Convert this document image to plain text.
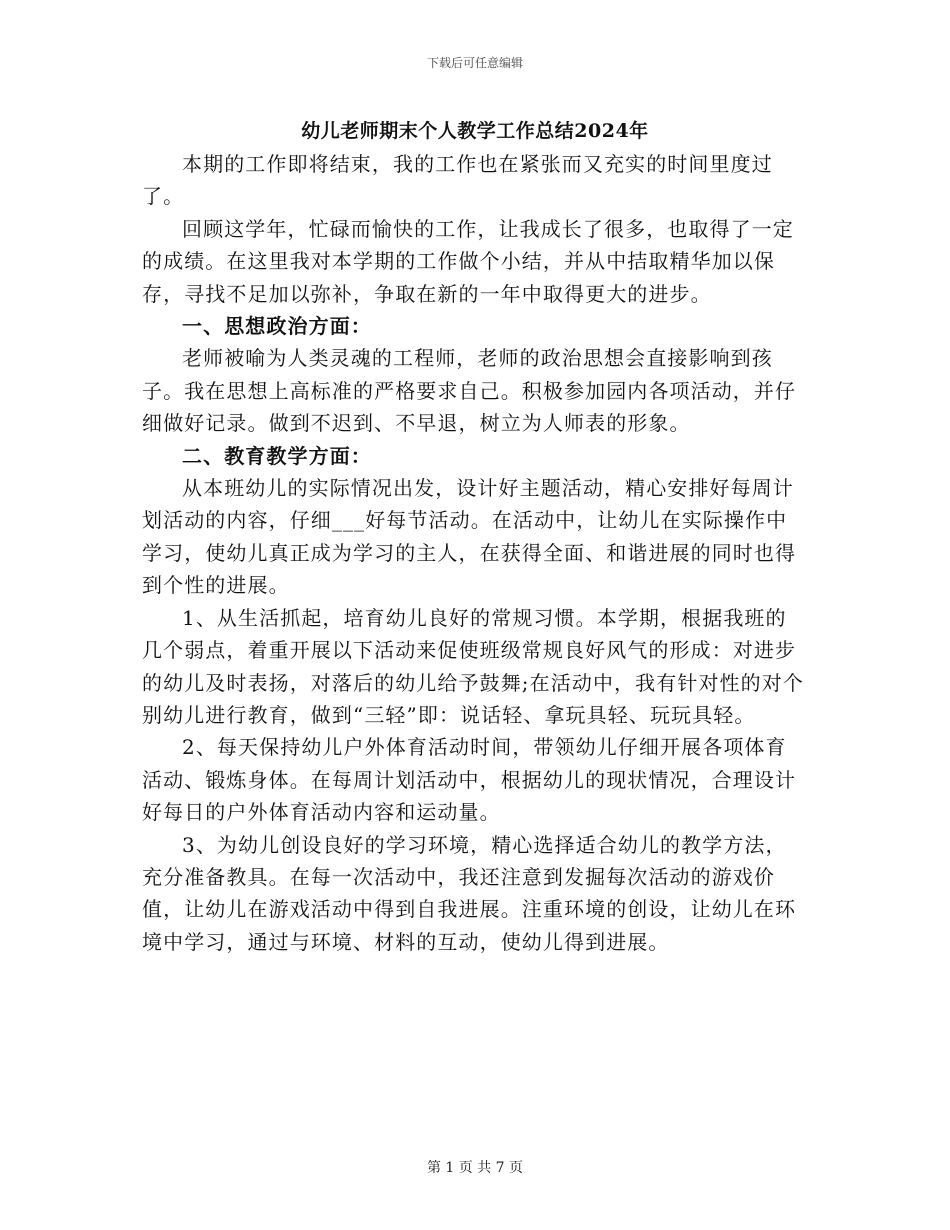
下载后可任意编辑
幼儿老师期末个人教学工作总结2024年

本期的工作即将结束，我的工作也在紧张而又充实的时间里度过了。

回顾这学年，忙碌而愉快的工作，让我成长了很多，也取得了一定的成绩。在这里我对本学期的工作做个小结，并从中拮取精华加以保存，寻找不足加以弥补，争取在新的一年中取得更大的进步。

一、思想政治方面：

老师被喻为人类灵魂的工程师，老师的政治思想会直接影响到孩子。我在思想上高标准的严格要求自己。积极参加园内各项活动，并仔细做好记录。做到不迟到、不早退，树立为人师表的形象。

二、教育教学方面：

从本班幼儿的实际情况出发，设计好主题活动，精心安排好每周计划活动的内容，仔细___好每节活动。在活动中，让幼儿在实际操作中学习，使幼儿真正成为学习的主人，在获得全面、和谐进展的同时也得到个性的进展。

1、从生活抓起，培育幼儿良好的常规习惯。本学期，根据我班的几个弱点，着重开展以下活动来促使班级常规良好风气的形成：对进步的幼儿及时表扬，对落后的幼儿给予鼓舞;在活动中，我有针对性的对个别幼儿进行教育，做到“三轻”即：说话轻、拿玩具轻、玩玩具轻。

2、每天保持幼儿户外体育活动时间，带领幼儿仔细开展各项体育活动、锻炼身体。在每周计划活动中，根据幼儿的现状情况，合理设计好每日的户外体育活动内容和运动量。

3、为幼儿创设良好的学习环境，精心选择适合幼儿的教学方法，充分准备教具。在每一次活动中，我还注意到发掘每次活动的游戏价值，让幼儿在游戏活动中得到自我进展。注重环境的创设，让幼儿在环境中学习，通过与环境、材料的互动，使幼儿得到进展。

第 1 页 共 7 页
